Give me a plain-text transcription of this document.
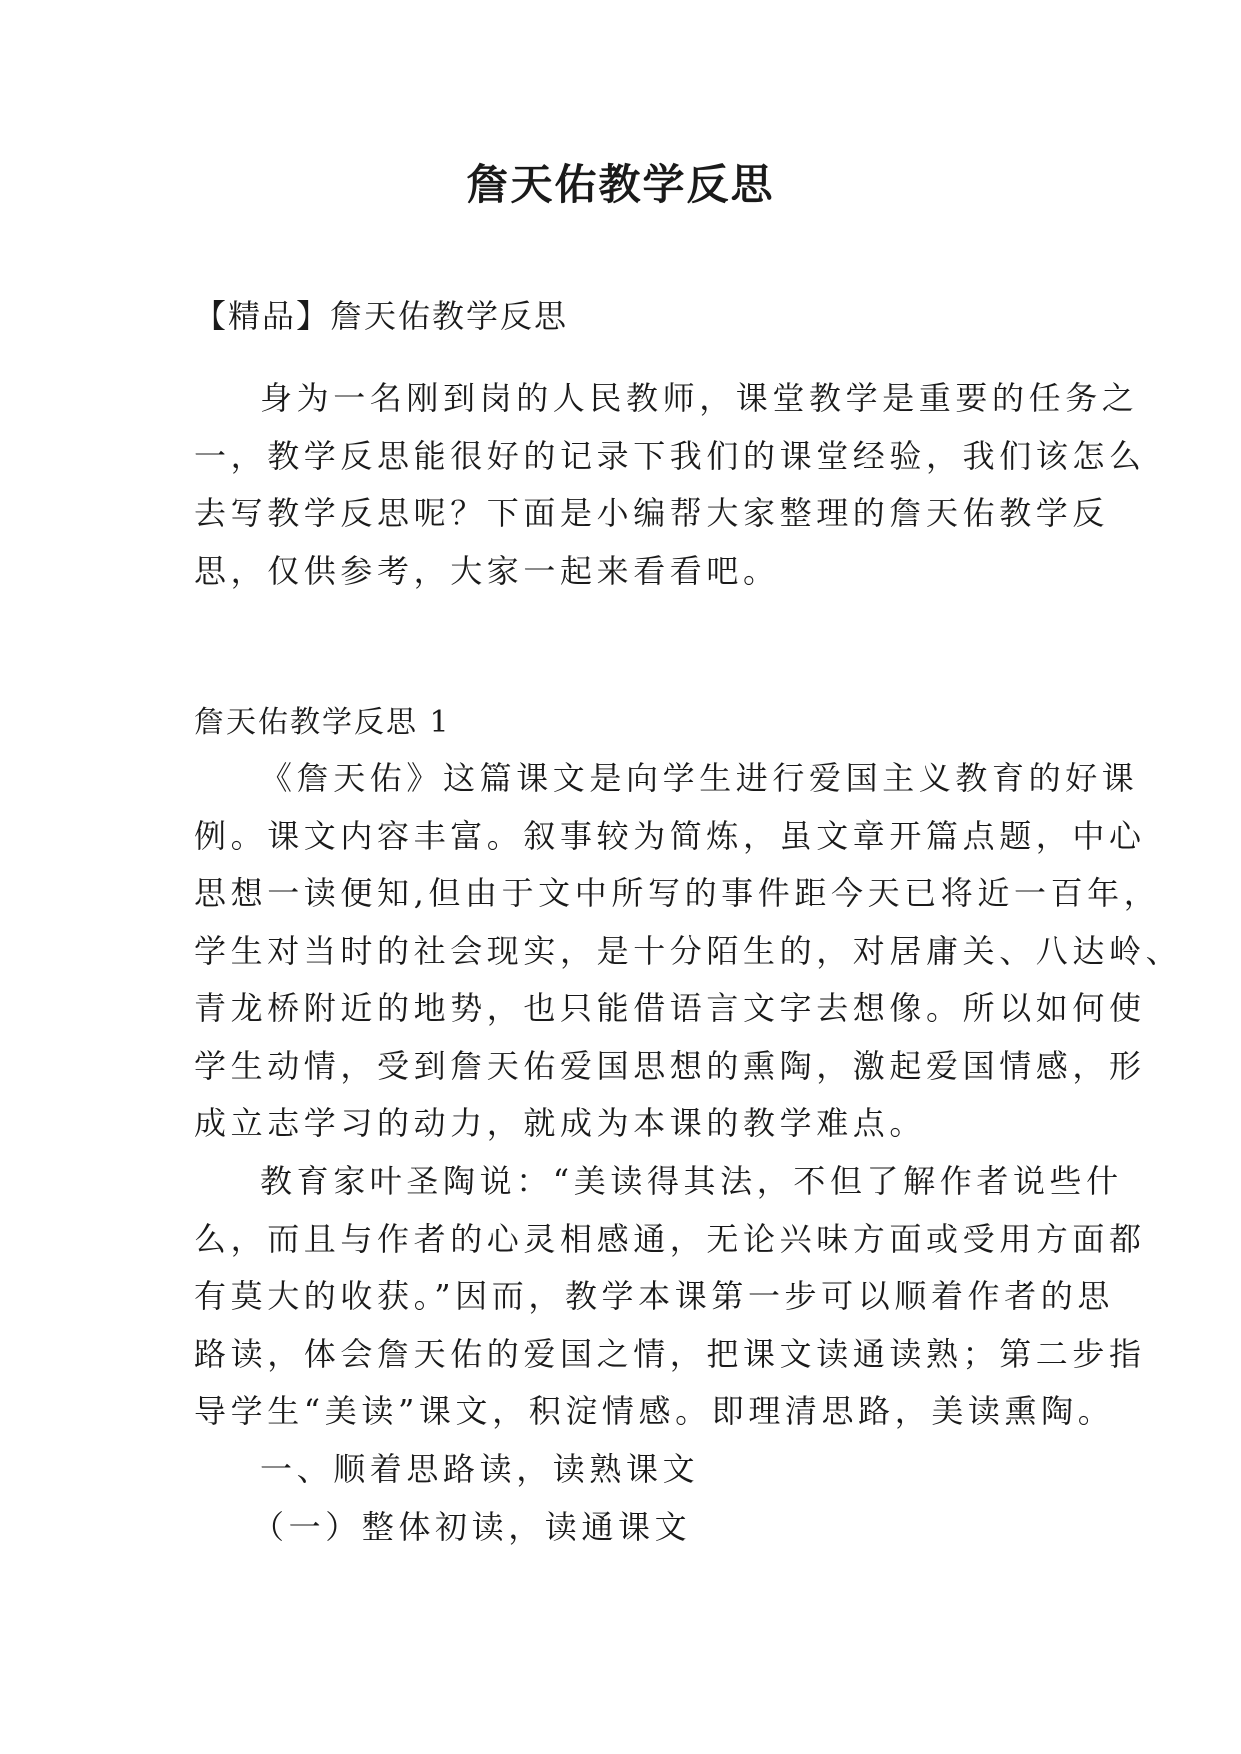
詹天佑教学反思
【精品】詹天佑教学反思

身为一名刚到岗的人民教师，课堂教学是重要的任务之

一，教学反思能很好的记录下我们的课堂经验，我们该怎么

去写教学反思呢？下面是小编帮大家整理的詹天佑教学反

思，仅供参考，大家一起来看看吧。

詹天佑教学反思 1

《詹天佑》这篇课文是向学生进行爱国主义教育的好课

例。课文内容丰富。叙事较为简炼，虽文章开篇点题，中心

思想一读便知,但由于文中所写的事件距今天已将近一百年，

学生对当时的社会现实，是十分陌生的，对居庸关、八达岭、

青龙桥附近的地势，也只能借语言文字去想像。所以如何使

学生动情，受到詹天佑爱国思想的熏陶，激起爱国情感，形

成立志学习的动力，就成为本课的教学难点。

教育家叶圣陶说：“美读得其法，不但了解作者说些什

么，而且与作者的心灵相感通，无论兴味方面或受用方面都

有莫大的收获。”因而，教学本课第一步可以顺着作者的思

路读，体会詹天佑的爱国之情，把课文读通读熟；第二步指

导学生“美读”课文，积淀情感。即理清思路，美读熏陶。

一、顺着思路读，读熟课文

（一）整体初读，读通课文
